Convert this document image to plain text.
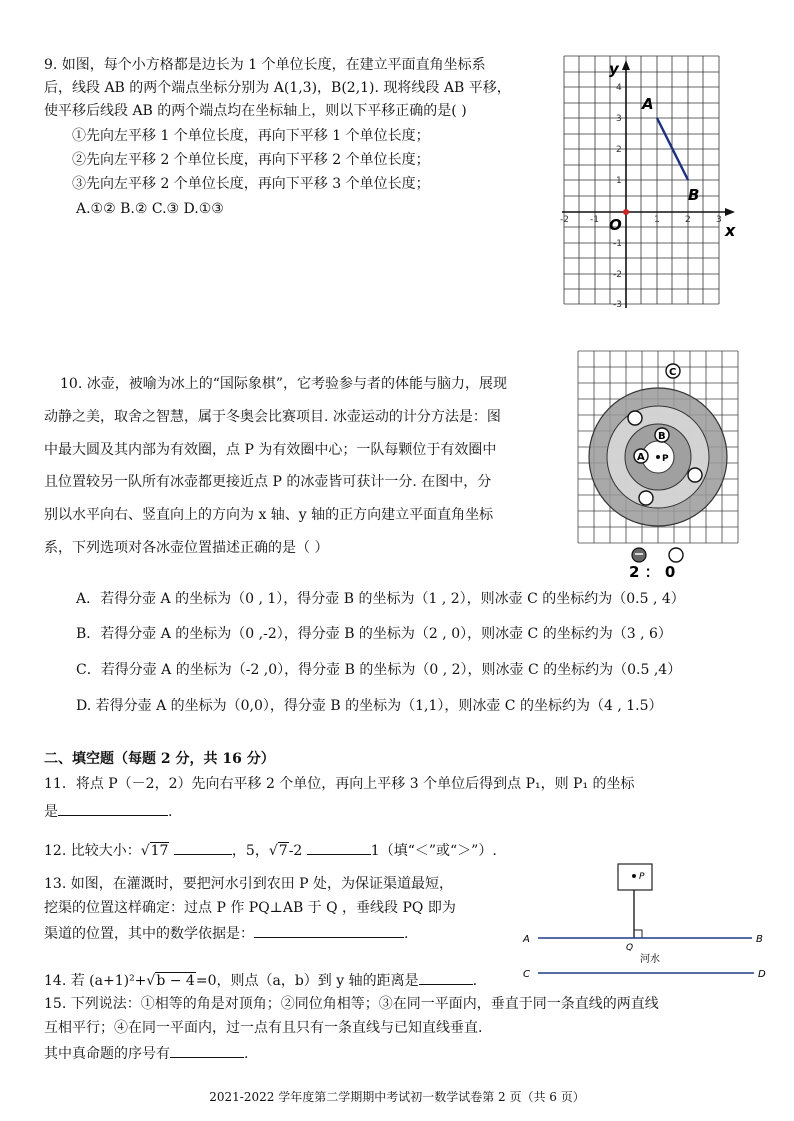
9. 如图，每个小方格都是边长为 1 个单位长度，在建立平面直角坐标系
后，线段 AB 的两个端点坐标分别为 A(1,3)，B(2,1). 现将线段 AB 平移，
使平移后线段 AB 的两个端点均在坐标轴上，则以下平移正确的是( )
①先向左平移 1 个单位长度，再向下平移 1 个单位长度；
②先向左平移 2 个单位长度，再向下平移 2 个单位长度；
③先向左平移 2 个单位长度，再向下平移 3 个单位长度；
A.①② B.② C.③ D.①③
y
x
O
A
B
-2 -1	1	2	3
4
3
2
1
-1
-2
-3
10. 冰壶，被喻为冰上的“国际象棋”，它考验参与者的体能与脑力，展现
动静之美，取舍之智慧，属于冬奥会比赛项目. 冰壶运动的计分方法是：图
中最大圆及其内部为有效圈，点 P 为有效圈中心；一队每颗位于有效圈中
且位置较另一队所有冰壶都更接近点 P 的冰壶皆可获计一分. 在图中，分
别以水平向右、竖直向上的方向为 x 轴、y 轴的正方向建立平面直角坐标
系，下列选项对各冰壶位置描述正确的是（ ）
P
A
B
C
2 ： 0
A．若得分壶 A 的坐标为（0 , 1），得分壶 B 的坐标为（1 , 2），则冰壶 C 的坐标约为（0.5 , 4）
B．若得分壶 A 的坐标为（0 ,-2），得分壶 B 的坐标为（2 , 0），则冰壶 C 的坐标约为（3 , 6）
C．若得分壶 A 的坐标为（-2 ,0），得分壶 B 的坐标为（0 , 2），则冰壶 C 的坐标约为（0.5 ,4）
D. 若得分壶 A 的坐标为（0,0），得分壶 B 的坐标为（1,1），则冰壶 C 的坐标约为（4 , 1.5）
二、填空题（每题 2 分，共 16 分）
11．将点 P（－2，2）先向右平移 2 个单位，再向上平移 3 个单位后得到点 P₁，则 P₁ 的坐标
是	.
12. 比较大小：√17	，5，√7-2	1（填“＜”或“＞”）.
13. 如图，在灌溉时，要把河水引到农田 P 处，为保证渠道最短，
挖渠的位置这样确定：过点 P 作 PQ⊥AB 于 Q ，垂线段 PQ 即为
渠道的位置，其中的数学依据是：	.
P
A	B
Q
C	D
河水
14. 若 (a+1)²+√b − 4=0，则点（a，b）到 y 轴的距离是	.
15. 下列说法：①相等的角是对顶角；②同位角相等；③在同一平面内，垂直于同一条直线的两直线
互相平行；④在同一平面内，过一点有且只有一条直线与已知直线垂直.
其中真命题的序号有	.
2021-2022 学年度第二学期期中考试初一数学试卷第 2 页（共 6 页）
